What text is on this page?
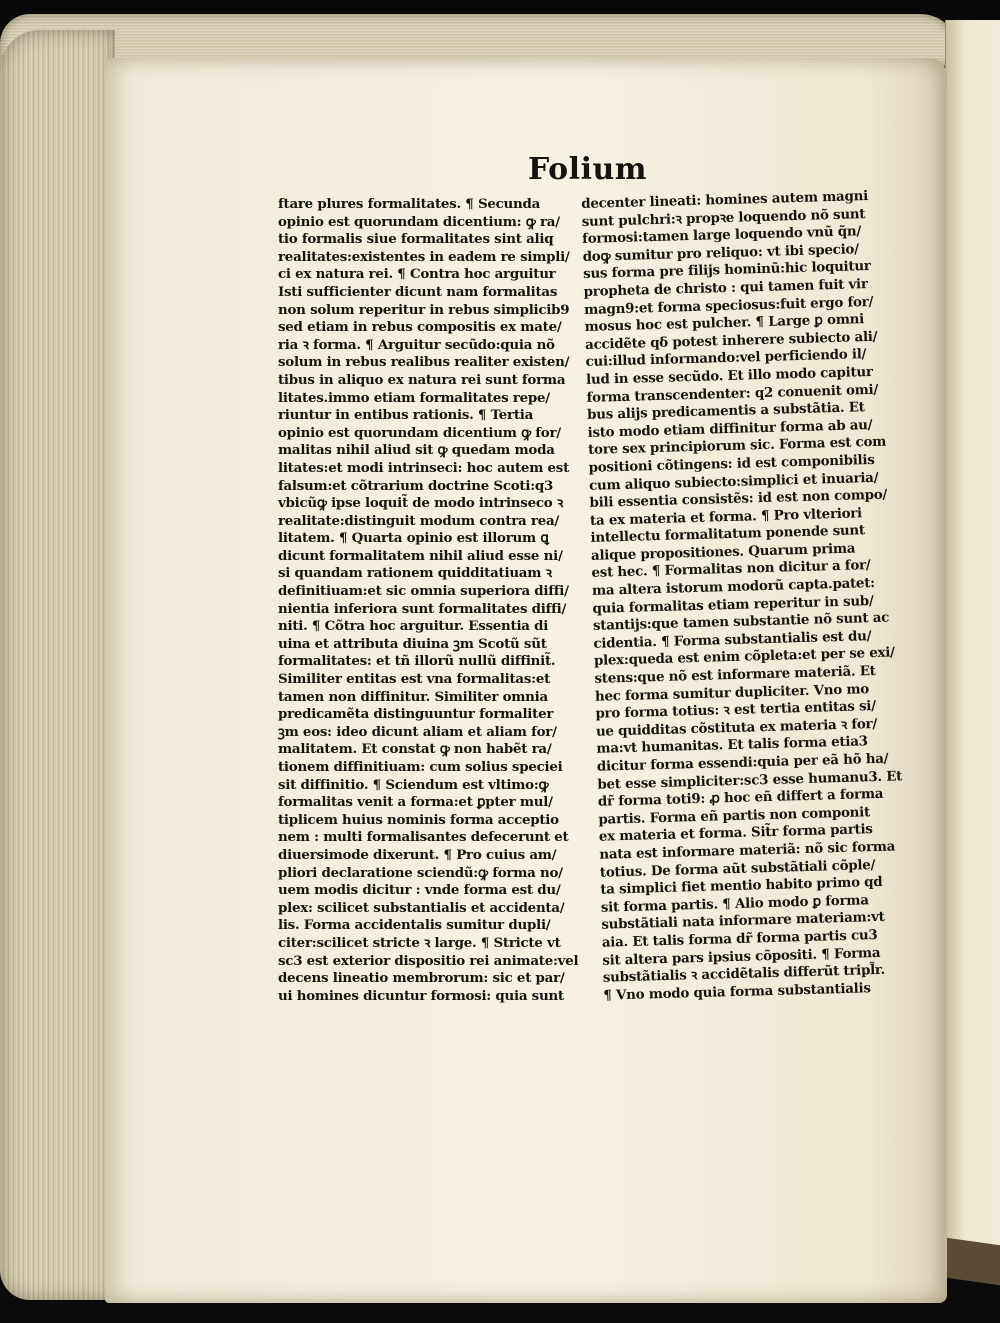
Folium
ftare plures formalitates. ¶ Secunda
opinio est quorundam dicentium: ꝙ ra/
tio formalis siue formalitates sint aliq
realitates:existentes in eadem re simpli/
ci ex natura rei. ¶ Contra hoc arguitur
Isti sufficienter dicunt nam formalitas
non solum reperitur in rebus simplicib9
sed etiam in rebus compositis ex mate/
ria ꝛ forma. ¶ Arguitur secũdo:quia nõ
solum in rebus realibus realiter existen/
tibus in aliquo ex natura rei sunt forma
litates.immo etiam formalitates repe/
riuntur in entibus rationis. ¶ Tertia
opinio est quorundam dicentium ꝙ for/
malitas nihil aliud sit ꝙ quedam moda
litates:et modi intrinseci: hoc autem est
falsum:et cõtrarium doctrine Scoti:q3
vbicũꝙ ipse loquit̃ de modo intrinseco ꝛ
realitate:distinguit modum contra rea/
litatem. ¶ Quarta opinio est illorum ꝗ
dicunt formalitatem nihil aliud esse ni/
si quandam rationem quidditatiuam ꝛ
definitiuam:et sic omnia superiora diffi/
nientia inferiora sunt formalitates diffi/
niti. ¶ Cõtra hoc arguitur. Essentia di
uina et attributa diuina ꝫm Scotũ sũt
formalitates: et tñ illorũ nullũ diffinit̃.
Similiter entitas est vna formalitas:et
tamen non diffinitur. Similiter omnia
predicamẽta distinguuntur formaliter
ꝫm eos: ideo dicunt aliam et aliam for/
malitatem. Et constat ꝙ non habẽt ra/
tionem diffinitiuam: cum solius speciei
sit diffinitio. ¶ Sciendum est vltimo:ꝙ
formalitas venit a forma:et ꝑpter mul/
tiplicem huius nominis forma acceptio
nem : multi formalisantes defecerunt et
diuersimode dixerunt. ¶ Pro cuius am/
pliori declaratione sciendũ:ꝙ forma no/
uem modis dicitur : vnde forma est du/
plex: scilicet substantialis et accidenta/
lis. Forma accidentalis sumitur dupli/
citer:scilicet stricte ꝛ large. ¶ Stricte vt
sc3 est exterior dispositio rei animate:vel
decens lineatio membrorum: sic et par/
ui homines dicuntur formosi: quia sunt
decenter lineati: homines autem magni
sunt pulchri:ꝛ propꝛe loquendo nõ sunt
formosi:tamen large loquendo vnũ q̃n/
doꝙ sumitur pro reliquo: vt ibi specio/
sus forma pre filijs hominũ:hic loquitur
propheta de christo : qui tamen fuit vir
magn9:et forma speciosus:fuit ergo for/
mosus hoc est pulcher. ¶ Large ꝑ omni
accidẽte qδ potest inherere subiecto ali/
cui:illud informando:vel perficiendo il/
lud in esse secũdo. Et illo modo capitur
forma transcendenter: q2 conuenit omi/
bus alijs predicamentis a substãtia. Et
isto modo etiam diffinitur forma ab au/
tore sex principiorum sic. Forma est com
positioni cõtingens: id est componibilis
cum aliquo subiecto:simplici et inuaria/
bili essentia consistẽs: id est non compo/
ta ex materia et forma. ¶ Pro vlteriori
intellectu formalitatum ponende sunt
alique propositiones. Quarum prima
est hec. ¶ Formalitas non dicitur a for/
ma altera istorum modorũ capta.patet:
quia formalitas etiam reperitur in sub/
stantijs:que tamen substantie nõ sunt ac
cidentia. ¶ Forma substantialis est du/
plex:queda est enim cõpleta:et per se exi/
stens:que nõ est informare materiã. Et
hec forma sumitur dupliciter. Vno mo
pro forma totius: ꝛ est tertia entitas si/
ue quidditas cõstituta ex materia ꝛ for/
ma:vt humanitas. Et talis forma etia3
dicitur forma essendi:quia per eã hõ ha/
bet esse simpliciter:sc3 esse humanu3. Et
dr̃ forma toti9: ꝓ hoc eñ differt a forma
partis. Forma eñ partis non componit
ex materia et forma. Sit̃r forma partis
nata est informare materiã: nõ sic forma
totius. De forma aũt substãtiali cõple/
ta simplici fiet mentio habito primo qd
sit forma partis. ¶ Alio modo ꝑ forma
substãtiali nata informare materiam:vt
aia. Et talis forma dr̃ forma partis cu3
sit altera pars ipsius cõpositi. ¶ Forma
substãtialis ꝛ accidẽtalis differũt tripl̃r.
¶ Vno modo quia forma substantialis
